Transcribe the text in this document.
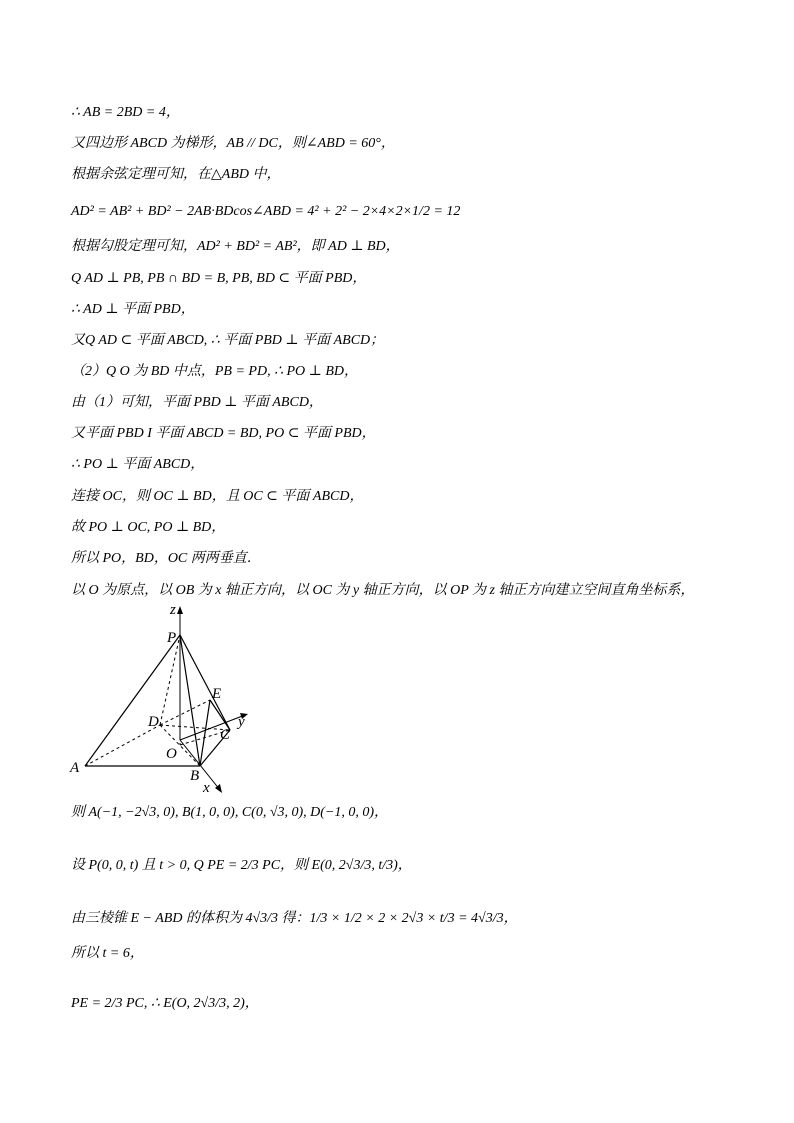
∴ AB = 2BD = 4，
又四边形 ABCD 为梯形，AB // DC，则∠ABD = 60°，
根据余弦定理可知，在△ABD 中，
AD² = AB² + BD² − 2AB·BDcos∠ABD = 4² + 2² − 2×4×2×1/2 = 12
根据勾股定理可知，AD² + BD² = AB²，即 AD ⊥ BD，
Q AD ⊥ PB, PB ∩ BD = B, PB, BD ⊂ 平面 PBD，
∴ AD ⊥ 平面 PBD，
又Q AD ⊂ 平面 ABCD, ∴ 平面 PBD ⊥ 平面 ABCD；
（2）Q O 为 BD 中点，PB = PD, ∴ PO ⊥ BD，
由（1）可知，平面 PBD ⊥ 平面 ABCD，
又平面 PBD I 平面 ABCD = BD, PO ⊂ 平面 PBD，
∴ PO ⊥ 平面 ABCD，
连接 OC，则 OC ⊥ BD，且 OC ⊂ 平面 ABCD，
故 PO ⊥ OC, PO ⊥ BD，
所以 PO，BD，OC 两两垂直．
以 O 为原点，以 OB 为 x 轴正方向，以 OC 为 y 轴正方向，以 OP 为 z 轴正方向建立空间直角坐标系，
z
P
E
D	y
C
O
A	B
x
则 A(−1, −2√3, 0), B(1, 0, 0), C(0, √3, 0), D(−1, 0, 0)，
设 P(0, 0, t) 且 t > 0, Q PE = 2/3 PC，则 E(0, 2√3/3, t/3)，
由三棱锥 E − ABD 的体积为 4√3/3 得：1/3 × 1/2 × 2 × 2√3 × t/3 = 4√3/3，
所以 t = 6，
PE = 2/3 PC, ∴ E(O, 2√3/3, 2)，
